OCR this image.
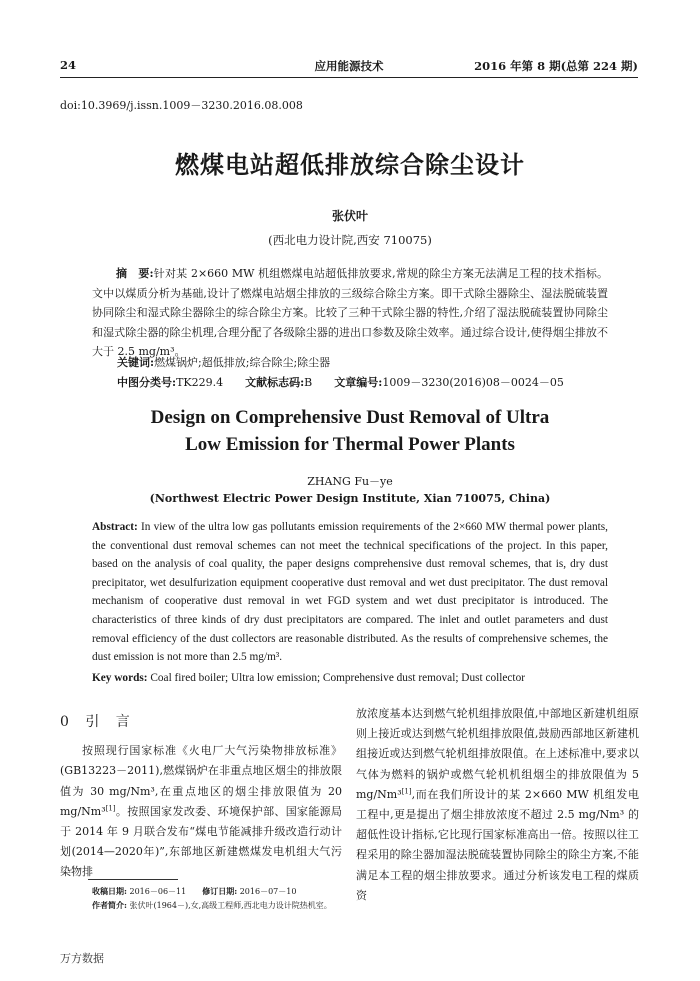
24	应用能源技术	2016 年第 8 期(总第 224 期)
doi:10.3969/j.issn.1009－3230.2016.08.008
燃煤电站超低排放综合除尘设计
张伏叶
(西北电力设计院,西安 710075)
摘　要:针对某 2×660 MW 机组燃煤电站超低排放要求,常规的除尘方案无法满足工程的技术指标。文中以煤质分析为基础,设计了燃煤电站烟尘排放的三级综合除尘方案。即干式除尘器除尘、湿法脱硫装置协同除尘和湿式除尘器除尘的综合除尘方案。比较了三种干式除尘器的特性,介绍了湿法脱硫装置协同除尘和湿式除尘器的除尘机理,合理分配了各级除尘器的进出口参数及除尘效率。通过综合设计,使得烟尘排放不大于 2.5 mg/m³。
关键词:燃煤锅炉;超低排放;综合除尘;除尘器
中图分类号:TK229.4 文献标志码:B 文章编号:1009－3230(2016)08－0024－05
Design on Comprehensive Dust Removal of Ultra
Low Emission for Thermal Power Plants
ZHANG Fu－ye
(Northwest Electric Power Design Institute, Xian 710075, China)
Abstract: In view of the ultra low gas pollutants emission requirements of the 2×660 MW thermal power plants, the conventional dust removal schemes can not meet the technical specifications of the project. In this paper, based on the analysis of coal quality, the paper designs comprehensive dust removal schemes, that is, dry dust precipitator, wet desulfurization equipment cooperative dust removal and wet dust precipitator. The dust removal mechanism of cooperative dust removal in wet FGD system and wet dust precipitator is introduced. The characteristics of three kinds of dry dust precipitators are compared. The inlet and outlet parameters and dust removal efficiency of the dust collectors are reasonable distributed. As the results of comprehensive schemes, the dust emission is not more than 2.5 mg/m³.
Key words: Coal fired boiler; Ultra low emission; Comprehensive dust removal; Dust collector
0 引 言
按照现行国家标准《火电厂大气污染物排放标准》(GB13223－2011),燃煤锅炉在非重点地区烟尘的排放限值为 30 mg/Nm³,在重点地区的烟尘排放限值为 20 mg/Nm³[1]。按照国家发改委、环境保护部、国家能源局于 2014 年 9 月联合发布“煤电节能减排升级改造行动计划(2014—2020年)”,东部地区新建燃煤发电机组大气污染物排
放浓度基本达到燃气轮机组排放限值,中部地区新建机组原则上接近或达到燃气轮机组排放限值,鼓励西部地区新建机组接近或达到燃气轮机组排放限值。在上述标准中,要求以气体为燃料的锅炉或燃气轮机机组烟尘的排放限值为 5 mg/Nm³[1],而在我们所设计的某 2×660 MW 机组发电工程中,更是提出了烟尘排放浓度不超过 2.5 mg/Nm³ 的超低性设计指标,它比现行国家标准高出一倍。按照以往工程采用的除尘器加湿法脱硫装置协同除尘的除尘方案,不能满足本工程的烟尘排放要求。通过分析该发电工程的煤质资
收稿日期: 2016－06－11　　 修订日期: 2016－07－10
作者简介: 张伏叶(1964－),女,高级工程师,西北电力设计院热机室。
万方数据
